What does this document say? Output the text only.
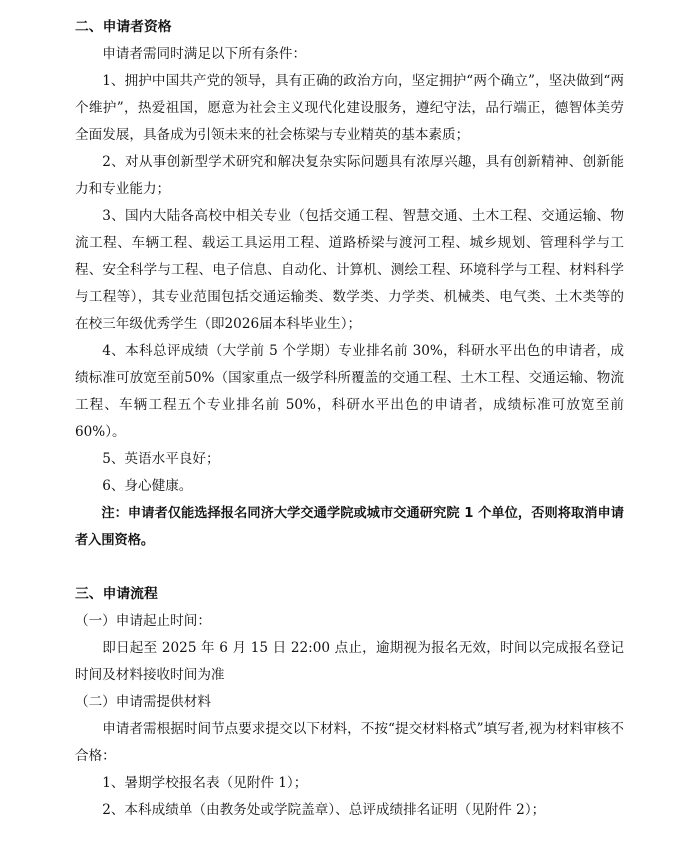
二、申请者资格

申请者需同时满足以下所有条件：

1、拥护中国共产党的领导，具有正确的政治方向，坚定拥护“两个确立”，坚决做到“两个维护”，热爱祖国，愿意为社会主义现代化建设服务，遵纪守法，品行端正，德智体美劳全面发展，具备成为引领未来的社会栋梁与专业精英的基本素质；

2、对从事创新型学术研究和解决复杂实际问题具有浓厚兴趣，具有创新精神、创新能力和专业能力；

3、国内大陆各高校中相关专业（包括交通工程、智慧交通、土木工程、交通运输、物流工程、车辆工程、载运工具运用工程、道路桥梁与渡河工程、城乡规划、管理科学与工程、安全科学与工程、电子信息、自动化、计算机、测绘工程、环境科学与工程、材料科学与工程等），其专业范围包括交通运输类、数学类、力学类、机械类、电气类、土木类等的在校三年级优秀学生（即2026届本科毕业生）；

4、本科总评成绩（大学前 5 个学期）专业排名前 30%，科研水平出色的申请者，成绩标准可放宽至前50%（国家重点一级学科所覆盖的交通工程、土木工程、交通运输、物流工程、车辆工程五个专业排名前 50%，科研水平出色的申请者，成绩标准可放宽至前60%）。

5、英语水平良好；

6、身心健康。

注：申请者仅能选择报名同济大学交通学院或城市交通研究院 1 个单位，否则将取消申请者入围资格。

三、申请流程

（一）申请起止时间：

即日起至 2025 年 6 月 15 日 22:00 点止，逾期视为报名无效，时间以完成报名登记时间及材料接收时间为准

（二）申请需提供材料

申请者需根据时间节点要求提交以下材料，不按“提交材料格式”填写者,视为材料审核不合格：

1、暑期学校报名表（见附件 1）；

2、本科成绩单（由教务处或学院盖章）、总评成绩排名证明（见附件 2）；
